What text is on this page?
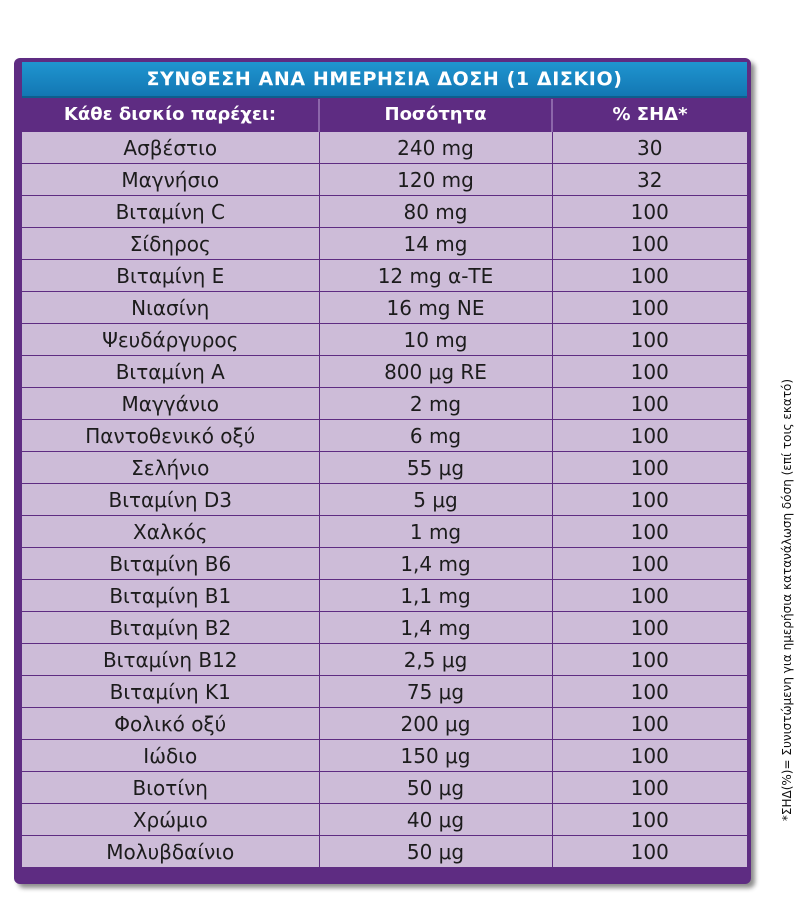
ΣΥΝΘΕΣΗ ΑΝΑ ΗΜΕΡΗΣΙΑ ΔΟΣΗ (1 ΔΙΣΚΙΟ)
Κάθε δισκίο παρέχει:	Ποσότητα	% ΣΗΔ*
Ασβέστιο	240 mg	30
Μαγνήσιο	120 mg	32
Βιταμίνη C	80 mg	100
Σίδηρος	14 mg	100
Βιταμίνη E	12 mg α-TE	100
Νιασίνη	16 mg NE	100
Ψευδάργυρος	10 mg	100
Βιταμίνη A	800 μg RE	100
Μαγγάνιο	2 mg	100
Παντοθενικό οξύ	6 mg	100
Σελήνιο	55 μg	100
Βιταμίνη D3	5 μg	100
Χαλκός	1 mg	100
Βιταμίνη B6	1,4 mg	100
Βιταμίνη B1	1,1 mg	100
Βιταμίνη B2	1,4 mg	100
Βιταμίνη B12	2,5 μg	100
Βιταμίνη K1	75 μg	100
Φολικό οξύ	200 μg	100
Ιώδιο	150 μg	100
Βιοτίνη	50 μg	100
Χρώμιο	40 μg	100
Μολυβδαίνιο	50 μg	100
*ΣΗΔ(%)= Συνιστώμενη για ημερήσια κατανάλωση δόση (επί τοις εκατό)
